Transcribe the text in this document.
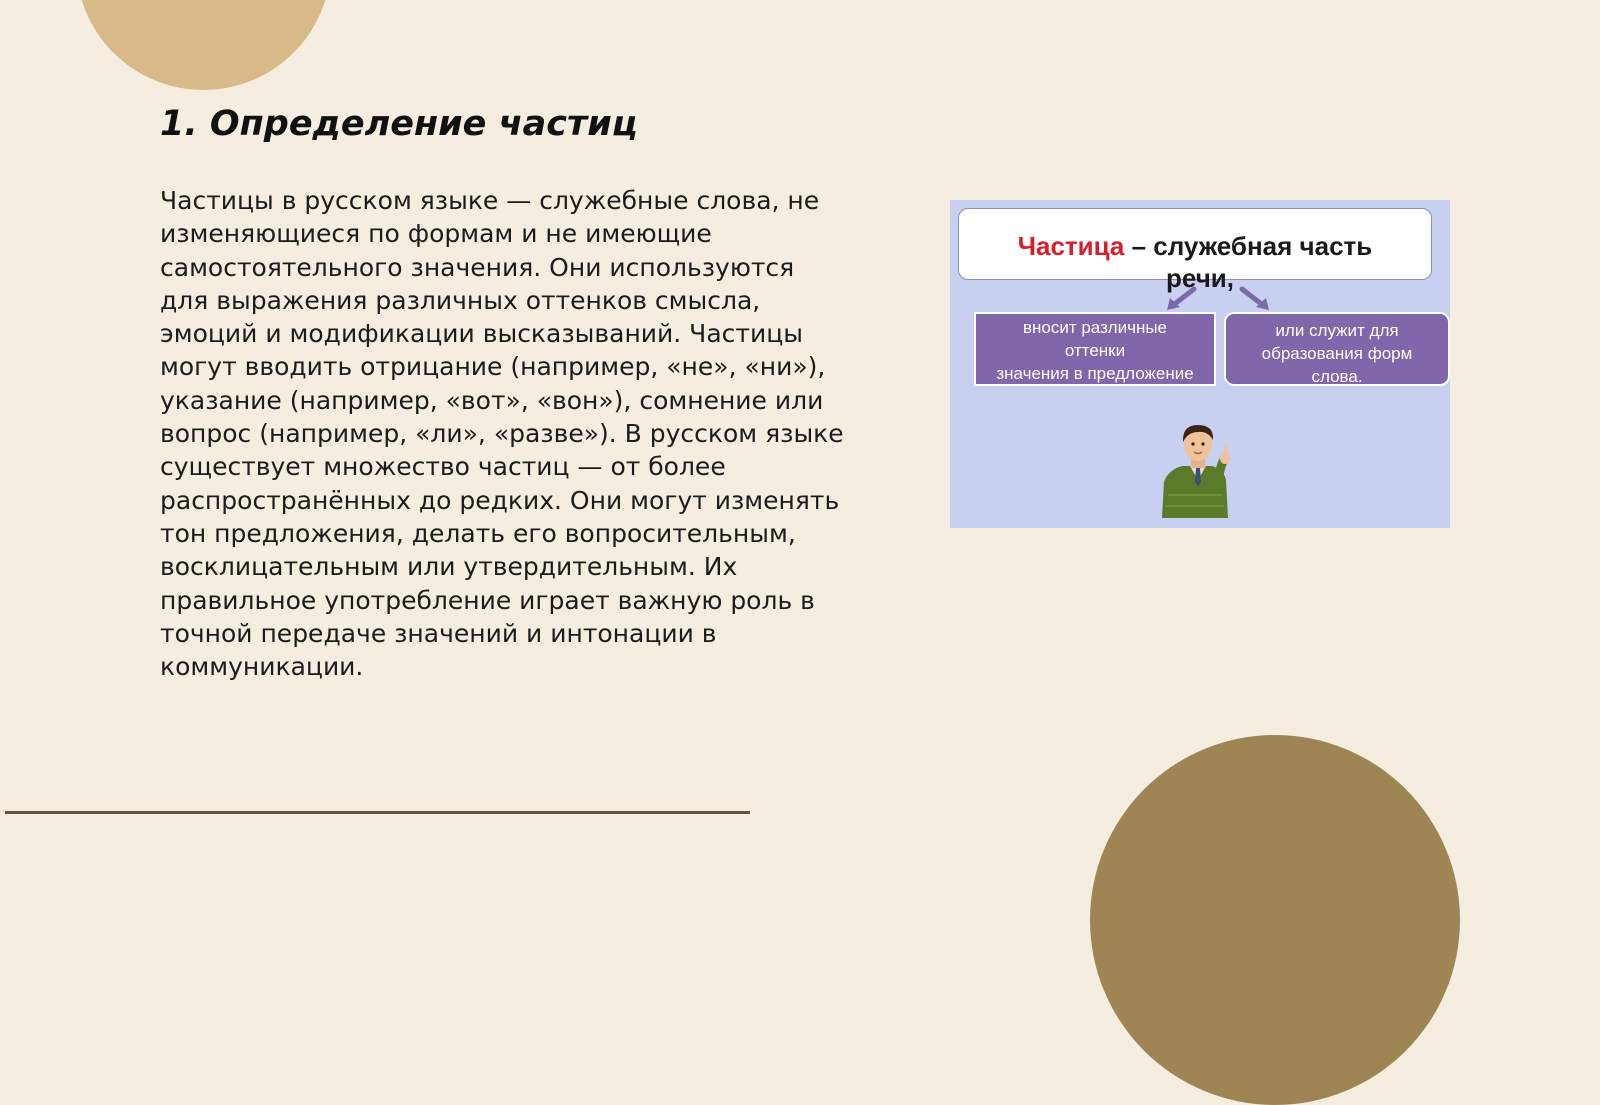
1. Определение частиц

Частицы в русском языке — служебные слова, не изменяющиеся по формам и не имеющие самостоятельного значения. Они используются для выражения различных оттенков смысла, эмоций и модификации высказываний. Частицы могут вводить отрицание (например, «не», «ни»), указание (например, «вот», «вон»), сомнение или вопрос (например, «ли», «разве»). В русском языке существует множество частиц — от более распространённых до редких. Они могут изменять тон предложения, делать его вопросительным, восклицательным или утвердительным. Их правильное употребление играет важную роль в точной передаче значений и интонации в коммуникации.

Частица – служебная часть
речи,
вносит различные
оттенки
значения в предложение
или служит для
образования форм
слова.
